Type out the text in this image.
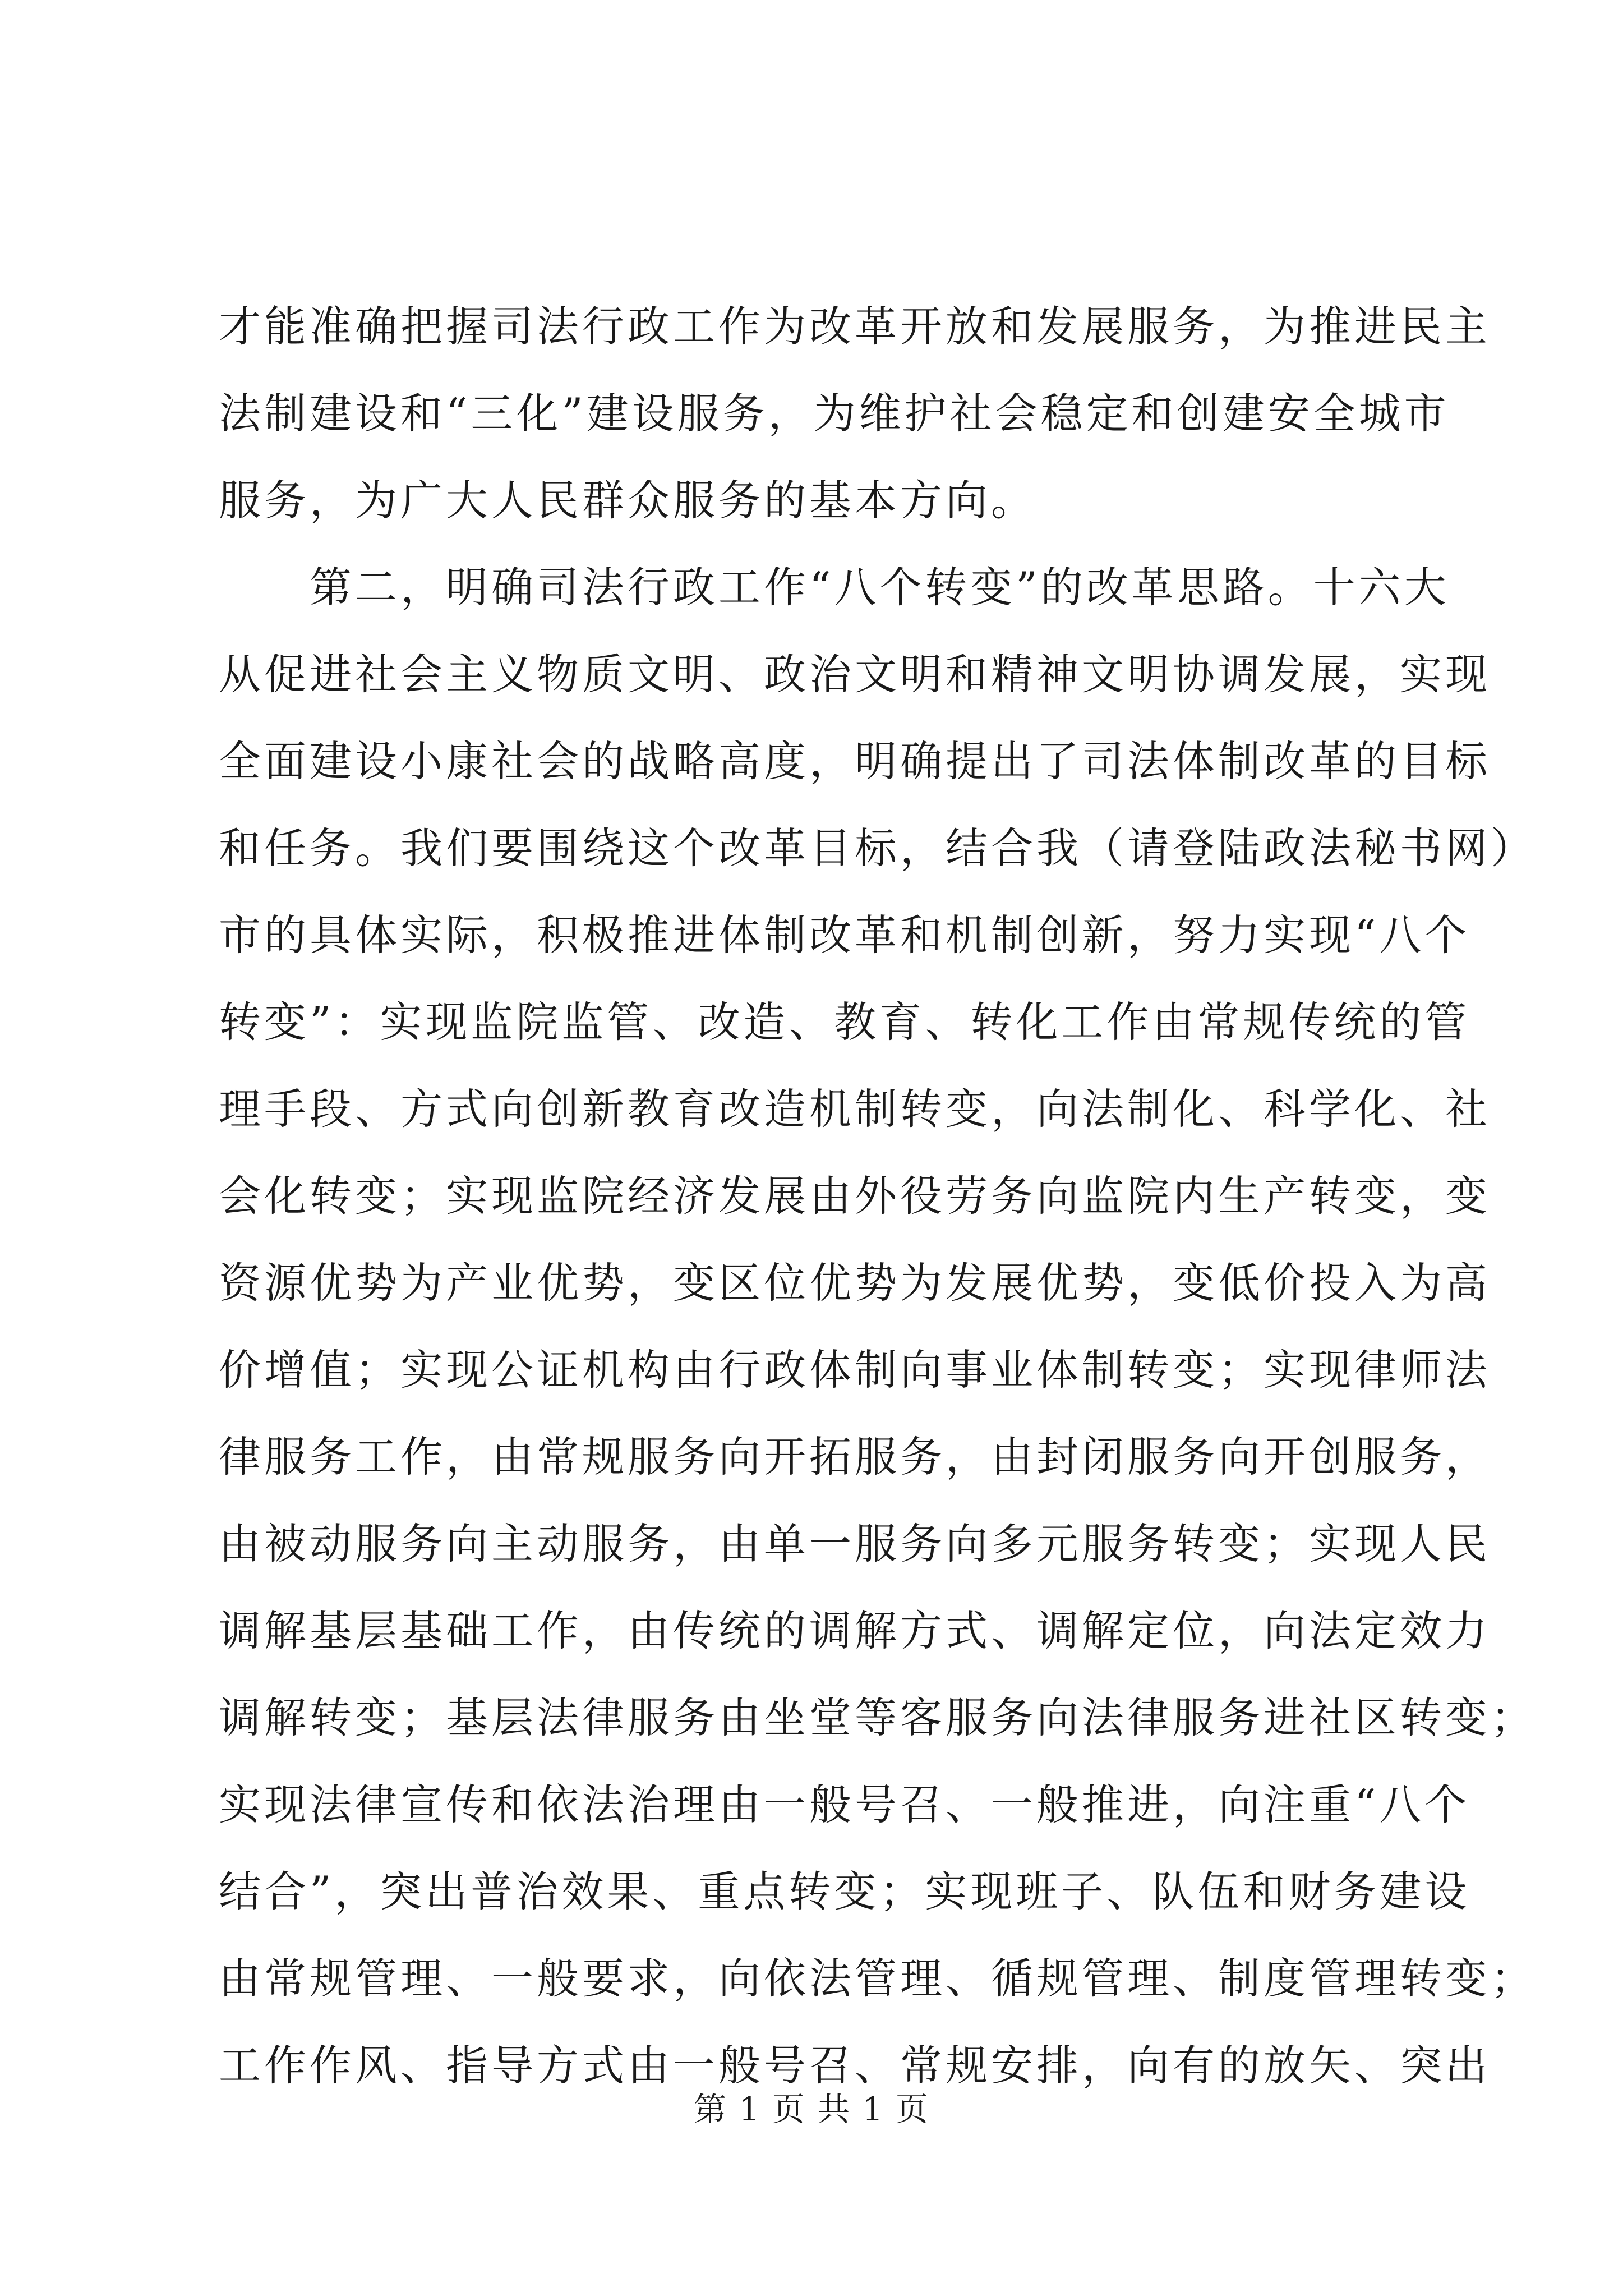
才能准确把握司法行政工作为改革开放和发展服务，为推进民主
法制建设和“三化”建设服务，为维护社会稳定和创建安全城市
服务，为广大人民群众服务的基本方向。
第二，明确司法行政工作“八个转变”的改革思路。十六大
从促进社会主义物质文明、政治文明和精神文明协调发展，实现
全面建设小康社会的战略高度，明确提出了司法体制改革的目标
和任务。我们要围绕这个改革目标，结合我（请登陆政法秘书网）
市的具体实际，积极推进体制改革和机制创新，努力实现“八个
转变”：实现监院监管、改造、教育、转化工作由常规传统的管
理手段、方式向创新教育改造机制转变，向法制化、科学化、社
会化转变；实现监院经济发展由外役劳务向监院内生产转变，变
资源优势为产业优势，变区位优势为发展优势，变低价投入为高
价增值；实现公证机构由行政体制向事业体制转变；实现律师法
律服务工作，由常规服务向开拓服务，由封闭服务向开创服务，
由被动服务向主动服务，由单一服务向多元服务转变；实现人民
调解基层基础工作，由传统的调解方式、调解定位，向法定效力
调解转变；基层法律服务由坐堂等客服务向法律服务进社区转变；
实现法律宣传和依法治理由一般号召、一般推进，向注重“八个
结合”，突出普治效果、重点转变；实现班子、队伍和财务建设
由常规管理、一般要求，向依法管理、循规管理、制度管理转变；
工作作风、指导方式由一般号召、常规安排，向有的放矢、突出
第 1 页 共 1 页
